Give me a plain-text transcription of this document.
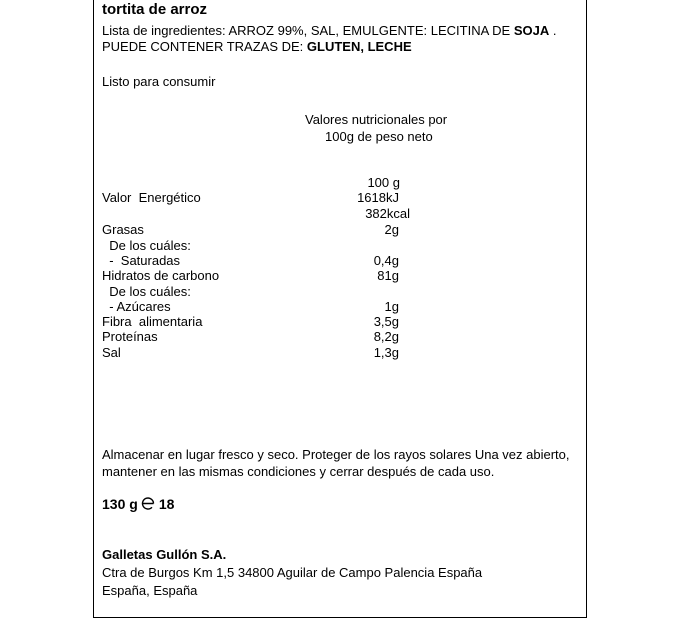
tortita de arroz
Lista de ingredientes: ARROZ 99%, SAL, EMULGENTE: LECITINA DE SOJA .
PUEDE CONTENER TRAZAS DE: GLUTEN, LECHE
Listo para consumir
Valores nutricionales por
100g de peso neto
100 g
Valor  Energético	1618kJ
382kcal
Grasas	2g
De los cuáles:
-  Saturadas	0,4g
Hidratos de carbono	81g
De los cuáles:
- Azúcares	1g
Fibra  alimentaria	3,5g
Proteínas	8,2g
Sal	1,3g
Almacenar en lugar fresco y seco. Proteger de los rayos solares Una vez abierto,
mantener en las mismas condiciones y cerrar después de cada uso.
130 g 18
Galletas Gullón S.A.
Ctra de Burgos Km 1,5 34800 Aguilar de Campo Palencia España
España, España
